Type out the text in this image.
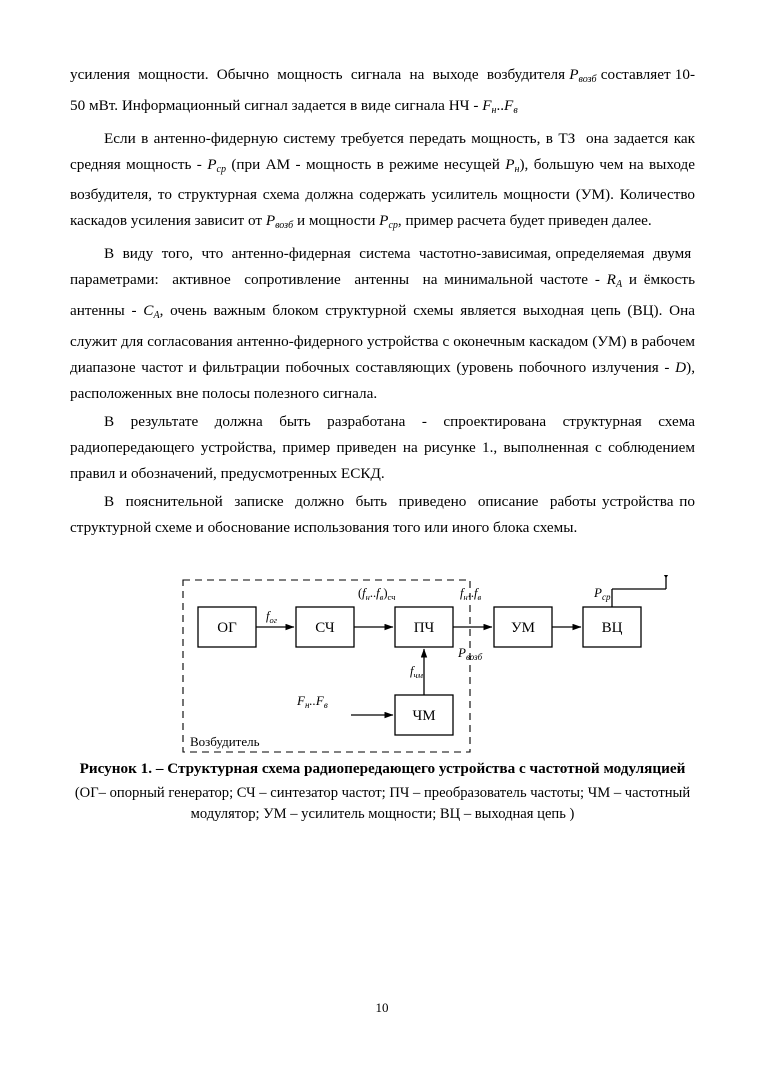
усиления  мощности.  Обычно  мощность  сигнала  на  выходе  возбудителя $P_{возб}$ составляет 10-50 мВт. Информационный сигнал задается в виде сигнала НЧ - $F_н..F_в$

Если в антенно-фидерную систему требуется передать мощность, в ТЗ  она задается как средняя мощность - $P_{ср}$ (при АМ - мощность в режиме несущей $P_н$), большую чем на выходе возбудителя, то структурная схема должна содержать усилитель мощности (УМ). Количество каскадов усиления зависит от $P_{возб}$ и мощности $P_{ср}$, пример расчета будет приведен далее.

В  виду  того,  что  антенно-фидерная  система  частотно-зависимая, определяемая  двумя  параметрами:  активное  сопротивление  антенны  на минимальной частоте - $R_А$ и ёмкость антенны - $C_А$, очень важным блоком структурной схемы является выходная цепь (ВЦ). Она служит для согласования антенно-фидерного устройства с оконечным каскадом (УМ) в рабочем диапазоне частот и фильтрации побочных составляющих (уровень побочного излучения - D), расположенных вне полосы полезного сигнала.

В результате должна быть разработана - спроектирована структурная схема радиопередающего устройства, пример приведен на рисунке 1., выполненная с соблюдением правил и обозначений, предусмотренных ЕСКД.

В  пояснительной  записке  должно  быть  приведено  описание  работы устройства по структурной схеме и обоснование использования того или иного блока схемы.

ОГ	СЧ	ПЧ
ЧМ
УМ	ВЦ
$f_{ог}$
$(f_н..f_в)_{сч}$	$f_н..f_в$
$f_{чм}$
$F_н..F_в$
$P_{возб}$
$P_{ср}$
Возбудитель
Рисунок 1. – Структурная схема радиопередающего устройства с частотной модуляцией
(ОГ– опорный генератор; СЧ – синтезатор частот; ПЧ – преобразователь частоты; ЧМ – частотный модулятор; УМ – усилитель мощности; ВЦ – выходная цепь )
10
